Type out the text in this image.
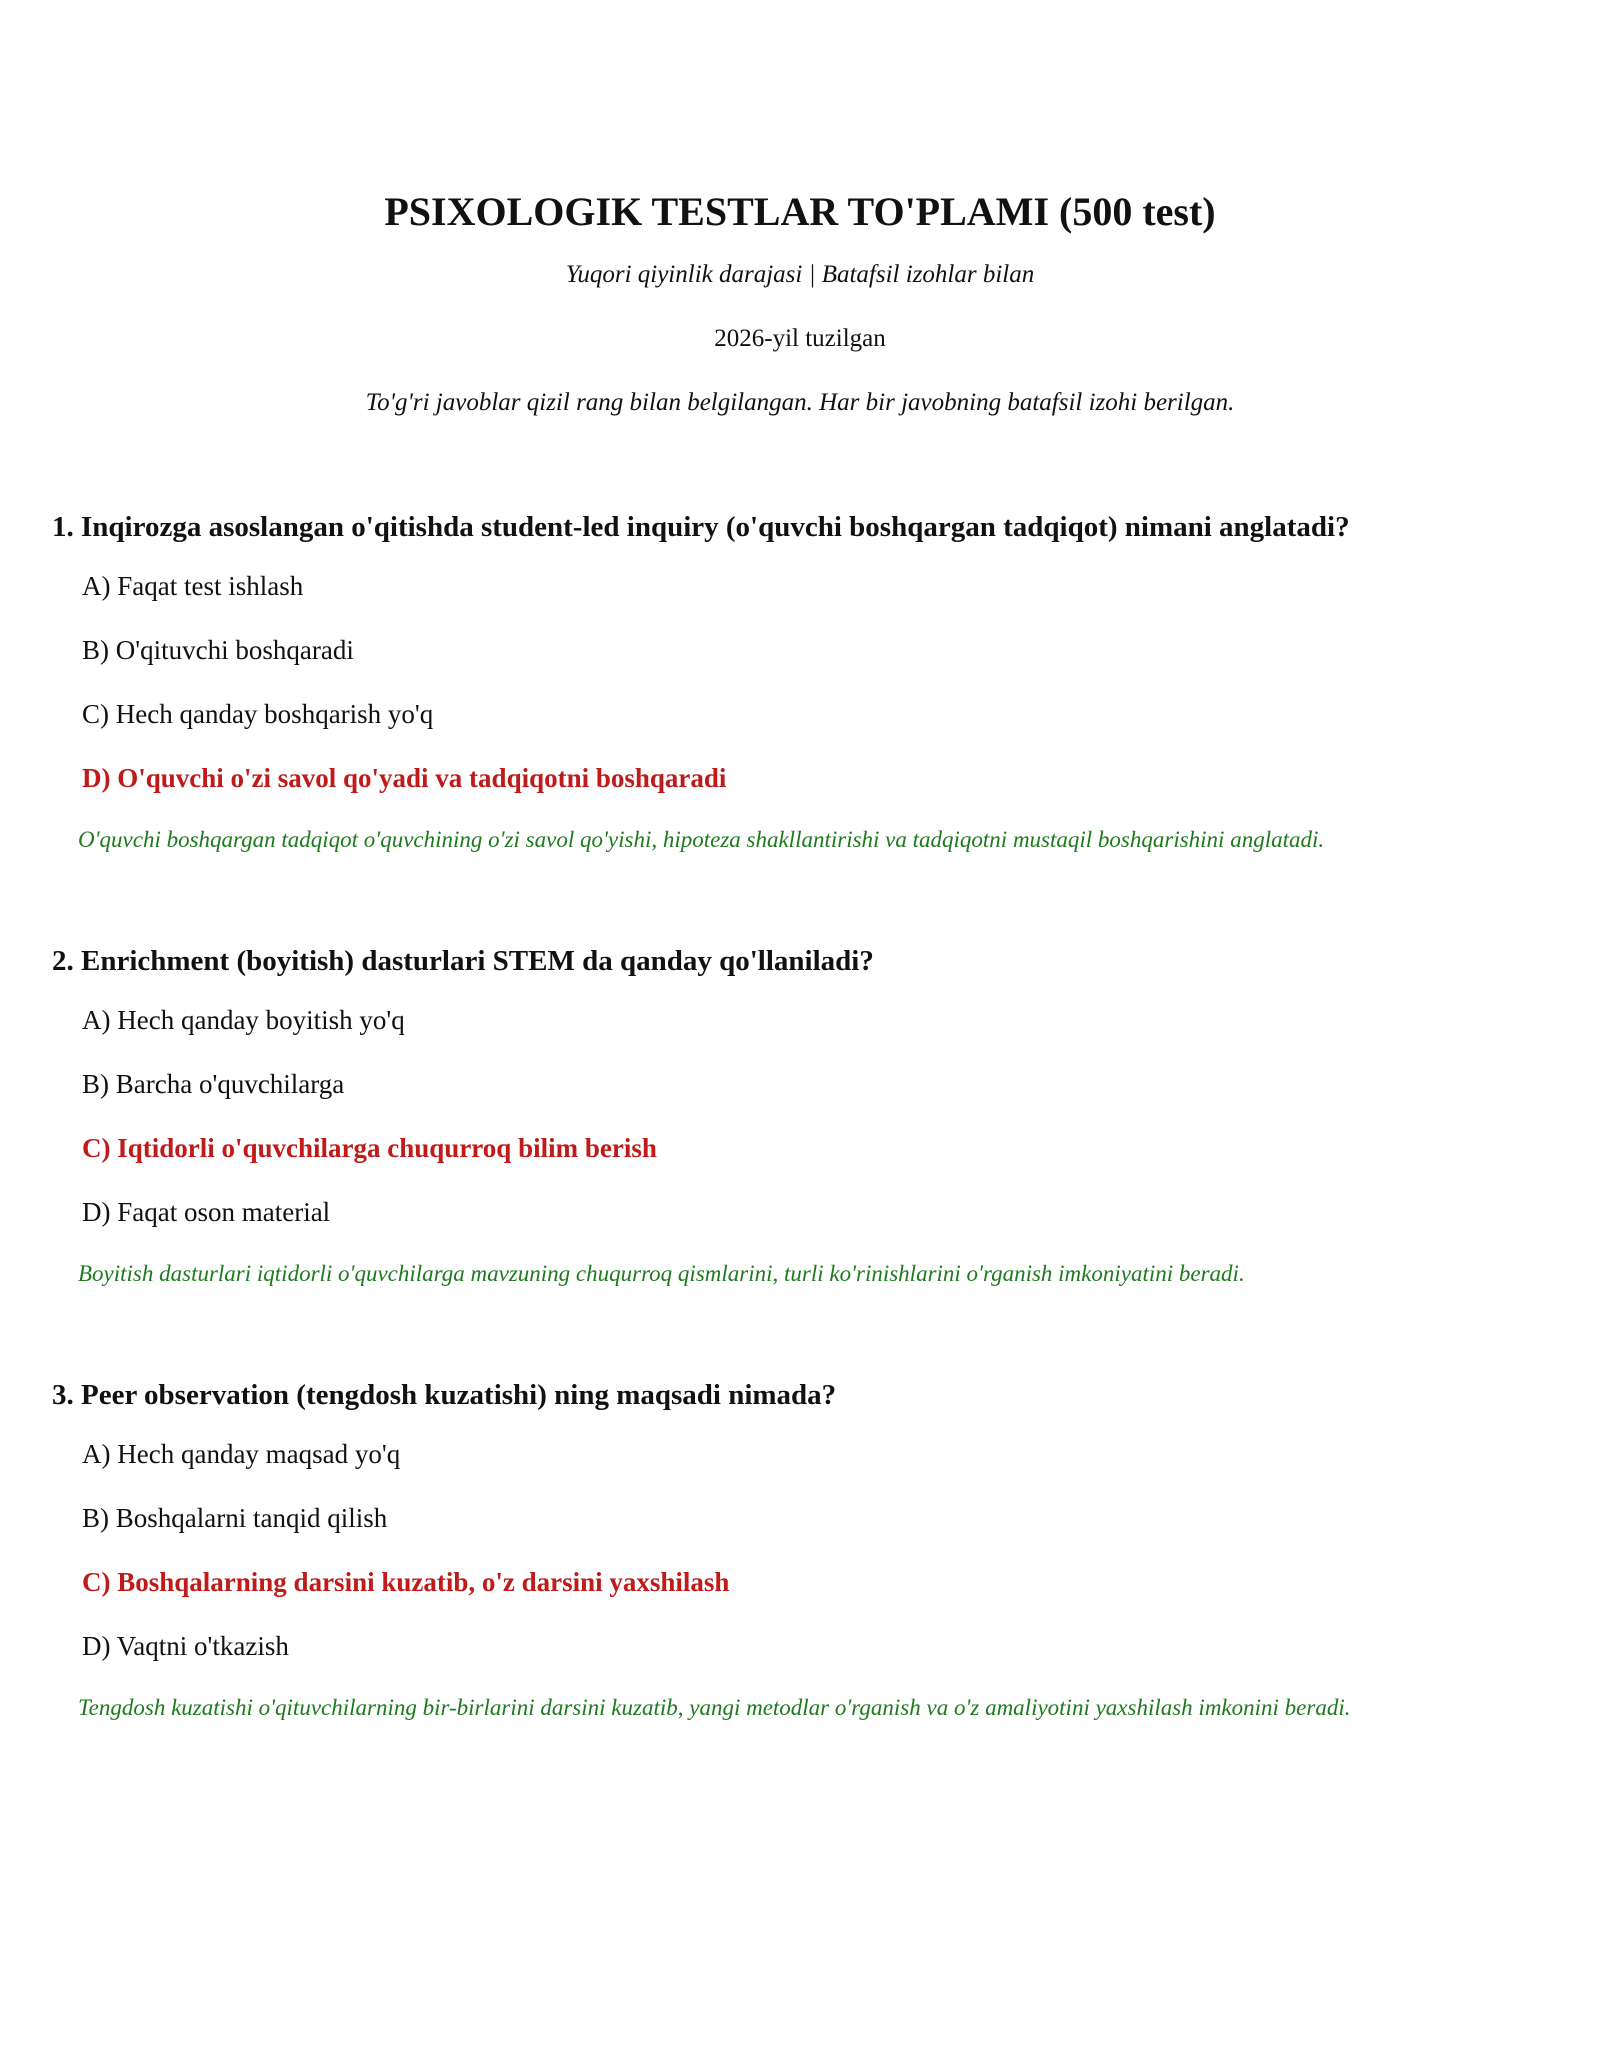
PSIXOLOGIK TESTLAR TO'PLAMI (500 test)
Yuqori qiyinlik darajasi | Batafsil izohlar bilan
2026-yil tuzilgan
To'g'ri javoblar qizil rang bilan belgilangan. Har bir javobning batafsil izohi berilgan.
1. Inqirozga asoslangan o'qitishda student-led inquiry (o'quvchi boshqargan tadqiqot) nimani anglatadi?
A) Faqat test ishlash
B) O'qituvchi boshqaradi
C) Hech qanday boshqarish yo'q
D) O'quvchi o'zi savol qo'yadi va tadqiqotni boshqaradi
O'quvchi boshqargan tadqiqot o'quvchining o'zi savol qo'yishi, hipoteza shakllantirishi va tadqiqotni mustaqil boshqarishini anglatadi.
2. Enrichment (boyitish) dasturlari STEM da qanday qo'llaniladi?
A) Hech qanday boyitish yo'q
B) Barcha o'quvchilarga
C) Iqtidorli o'quvchilarga chuqurroq bilim berish
D) Faqat oson material
Boyitish dasturlari iqtidorli o'quvchilarga mavzuning chuqurroq qismlarini, turli ko'rinishlarini o'rganish imkoniyatini beradi.
3. Peer observation (tengdosh kuzatishi) ning maqsadi nimada?
A) Hech qanday maqsad yo'q
B) Boshqalarni tanqid qilish
C) Boshqalarning darsini kuzatib, o'z darsini yaxshilash
D) Vaqtni o'tkazish
Tengdosh kuzatishi o'qituvchilarning bir-birlarini darsini kuzatib, yangi metodlar o'rganish va o'z amaliyotini yaxshilash imkonini beradi.
